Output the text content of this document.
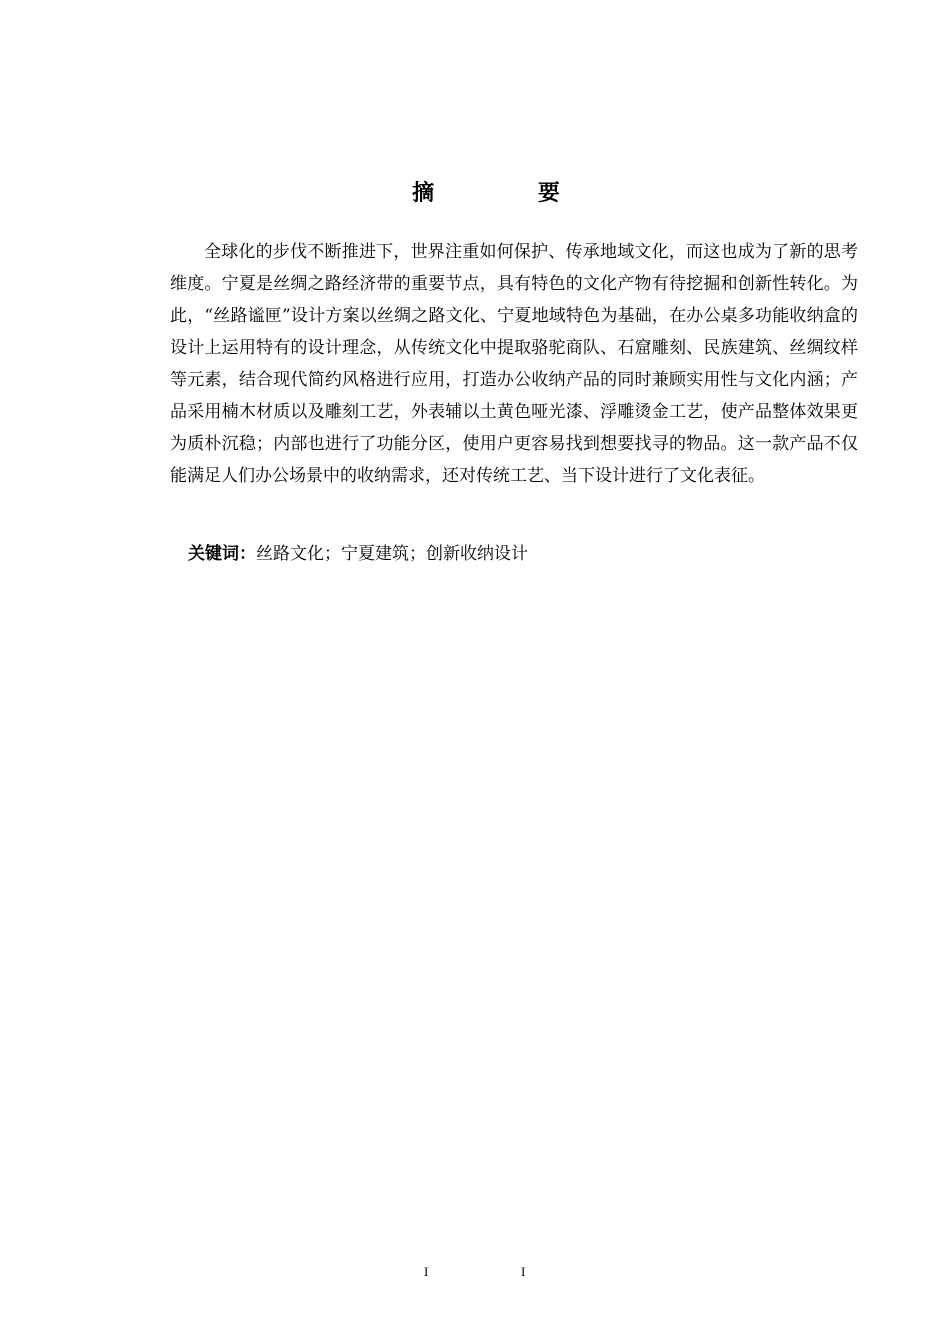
摘 要

全球化的步伐不断推进下，世界注重如何保护、传承地域文化，而这也成为了新的思考维度。宁夏是丝绸之路经济带的重要节点，具有特色的文化产物有待挖掘和创新性转化。为此，“丝路谧匣”设计方案以丝绸之路文化、宁夏地域特色为基础，在办公桌多功能收纳盒的设计上运用特有的设计理念，从传统文化中提取骆驼商队、石窟雕刻、民族建筑、丝绸纹样等元素，结合现代简约风格进行应用，打造办公收纳产品的同时兼顾实用性与文化内涵；产品采用楠木材质以及雕刻工艺，外表辅以土黄色哑光漆、浮雕烫金工艺，使产品整体效果更为质朴沉稳；内部也进行了功能分区，使用户更容易找到想要找寻的物品。这一款产品不仅能满足人们办公场景中的收纳需求，还对传统工艺、当下设计进行了文化表征。

关键词：丝路文化；宁夏建筑；创新收纳设计

I	I
